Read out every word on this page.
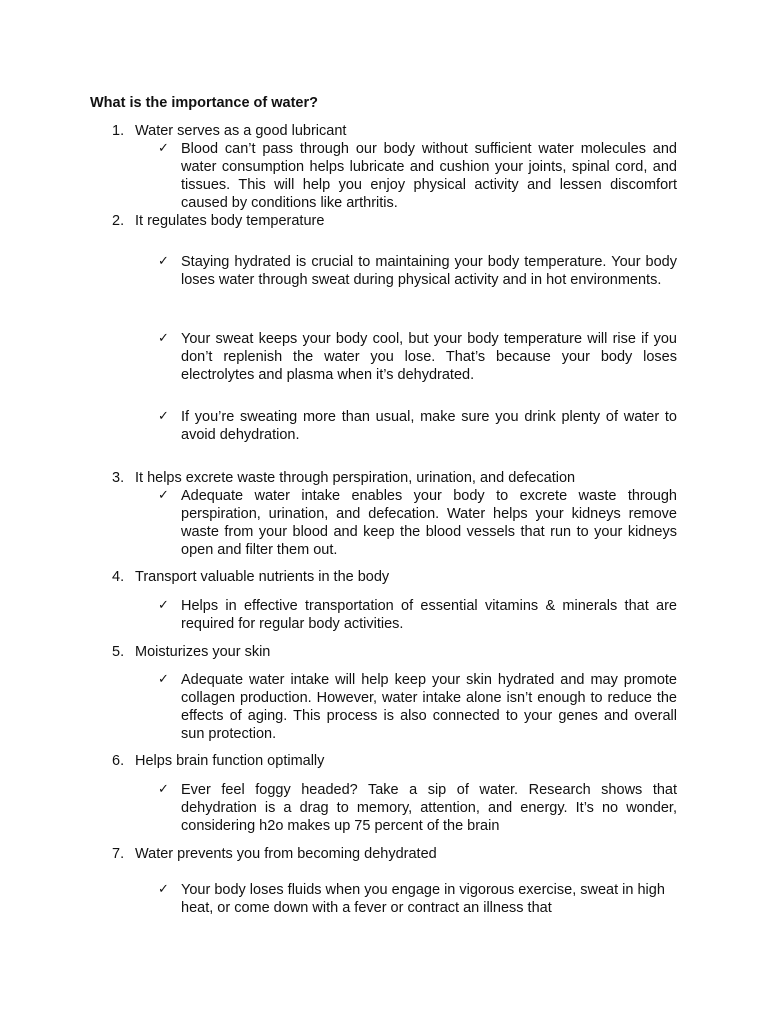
What is the importance of water?
1. Water serves as a good lubricant
✓ Blood can’t pass through our body without sufficient water molecules and water consumption helps lubricate and cushion your joints, spinal cord, and tissues. This will help you enjoy physical activity and lessen discomfort caused by conditions like arthritis.
2. It regulates body temperature
✓ Staying hydrated is crucial to maintaining your body temperature. Your body loses water through sweat during physical activity and in hot environments.
✓ Your sweat keeps your body cool, but your body temperature will rise if you don’t replenish the water you lose. That’s because your body loses electrolytes and plasma when it’s dehydrated.
✓ If you’re sweating more than usual, make sure you drink plenty of water to avoid dehydration.
3. It helps excrete waste through perspiration, urination, and defecation
✓ Adequate water intake enables your body to excrete waste through perspiration, urination, and defecation. Water helps your kidneys remove waste from your blood and keep the blood vessels that run to your kidneys open and filter them out.
4. Transport valuable nutrients in the body
✓ Helps in effective transportation of essential vitamins & minerals that are required for regular body activities.
5. Moisturizes your skin
✓ Adequate water intake will help keep your skin hydrated and may promote collagen production. However, water intake alone isn’t enough to reduce the effects of aging. This process is also connected to your genes and overall sun protection.
6. Helps brain function optimally
✓ Ever feel foggy headed? Take a sip of water. Research shows that dehydration is a drag to memory, attention, and energy. It’s no wonder, considering h2o makes up 75 percent of the brain
7. Water prevents you from becoming dehydrated
✓ Your body loses fluids when you engage in vigorous exercise, sweat in high heat, or come down with a fever or contract an illness that
